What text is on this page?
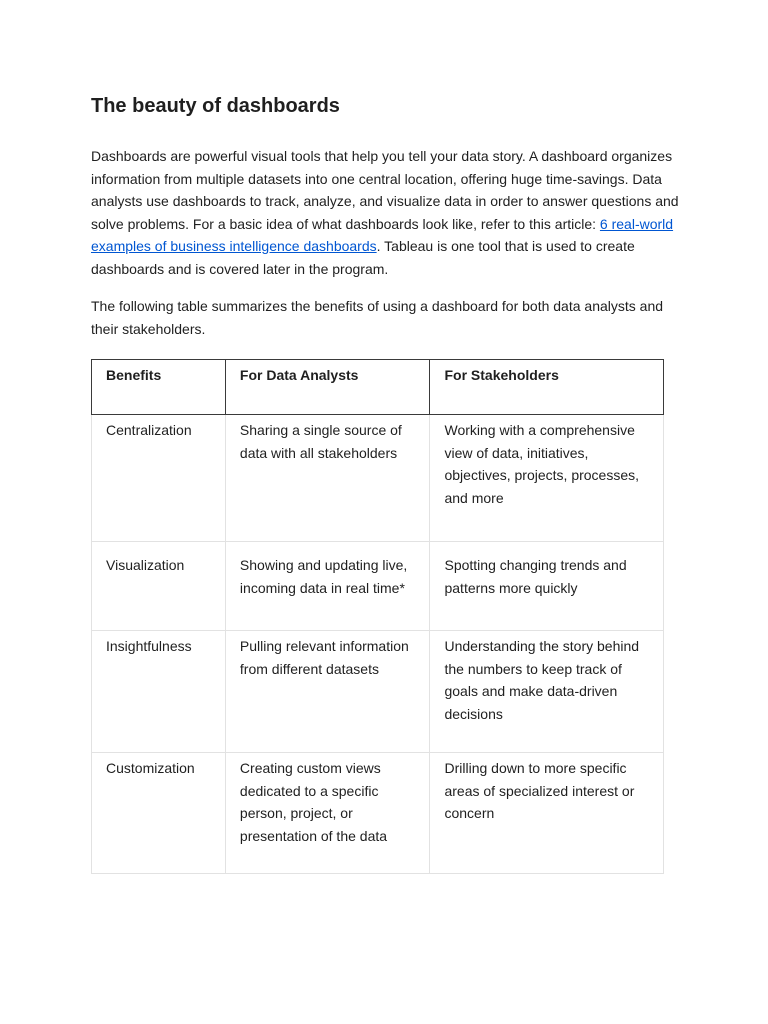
The beauty of dashboards

Dashboards are powerful visual tools that help you tell your data story. A dashboard organizes information from multiple datasets into one central location, offering huge time-savings. Data analysts use dashboards to track, analyze, and visualize data in order to answer questions and solve problems. For a basic idea of what dashboards look like, refer to this article: 6 real-world examples of business intelligence dashboards. Tableau is one tool that is used to create dashboards and is covered later in the program.

The following table summarizes the benefits of using a dashboard for both data analysts and their stakeholders.

Benefits	For Data Analysts	For Stakeholders
Centralization	Sharing a single source of data with all stakeholders	Working with a comprehensive view of data, initiatives, objectives, projects, processes, and more
Visualization	Showing and updating live, incoming data in real time*	Spotting changing trends and patterns more quickly
Insightfulness	Pulling relevant information from different datasets	Understanding the story behind the numbers to keep track of goals and make data-driven decisions
Customization	Creating custom views dedicated to a specific person, project, or presentation of the data	Drilling down to more specific areas of specialized interest or concern
